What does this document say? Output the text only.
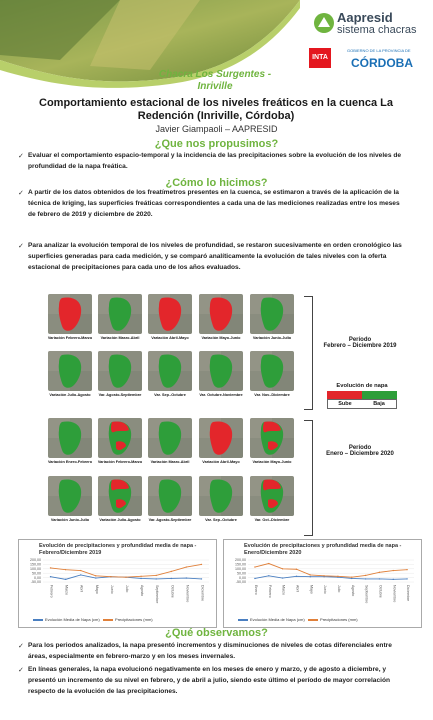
Aapresid
sistema chacras
INTA
GOBIERNO DE LA PROVINCIA DE
CÓRDOBA
Chacra Los Surgentes - Inriville
Comportamiento estacional de los niveles freáticos en la cuenca La Redención (Inriville, Córdoba)
Javier Giampaoli – AAPRESID
¿Que nos propusimos?
✓ Evaluar el comportamiento espacio-temporal y la incidencia de las precipitaciones sobre la evolución de los niveles de profundidad de la napa freática.
¿Cómo lo hicimos?
✓ A partir de los datos obtenidos de los freatímetros presentes en la cuenca, se estimaron a través de la aplicación de la técnica de kriging, las superficies freáticas correspondientes a cada una de las mediciones realizadas entre los meses de febrero de 2019 y diciembre de 2020.
✓ Para analizar la evolución temporal de los niveles de profundidad, se restaron sucesivamente en orden cronológico las superficies generadas para cada medición, y se comparó analíticamente la evolución de tales niveles con la oferta estacional de precipitaciones para cada uno de los años evaluados.
Variación Febrero-Marzo	Variación Marzo-Abril	Variación Abril-Mayo	Variación Mayo-Junio	Variación Junio-Julio
Variación Julio-Agosto	Var. Agosto-Septiembre	Var. Sep.-Octubre	Var. Octubre-Noviembre	Var. Nov.-Diciembre
Variación Enero-Febrero	Variación Febrero-Marzo	Variación Marzo-Abril	Variación Abril-Mayo	Variación Mayo-Junio
Variación Junio-Julio	Variación Julio-Agosto	Var. Agosto-Septiembre	Var. Sep.-Octubre	Var. Oct.-Diciembre
Período
Febrero – Diciembre 2019
Evolución de napa
Sube	Baja
Período
Enero – Diciembre 2020
Evolución de precipitaciones y profundidad media de napa - Febrero/Diciembre 2019
200,00
150,00
100,00
50,00
0,00
-50,00
Febrero	Marzo	Abril	Mayo	Junio	Julio	Agosto	Septiembre	Octubre	Noviembre	Diciembre
Evolución Media de Napa (cm)	Precipitaciones (mm)
Evolución de precipitaciones y profundidad media de napa - Enero/Diciembre 2020
200,00
150,00
100,00
50,00
0,00
-50,00
Enero	Febrero	Marzo	Abril	Mayo	Junio	Julio	Agosto	Septiembre	Octubre	Noviembre	Diciembre
Evolución Media de Napa (cm)	Precipitaciones (mm)
¿Qué observamos?
✓ Para los periodos analizados, la napa presentó incrementos y disminuciones de niveles de cotas diferenciales entre áreas, especialmente en febrero-marzo y en los meses invernales.
✓ En líneas generales, la napa evolucionó negativamente en los meses de enero y marzo, y de agosto a diciembre, y presentó un incremento de su nivel en febrero, y de abril a julio, siendo este último el período de mayor correlación respecto de la evolución de las precipitaciones.
